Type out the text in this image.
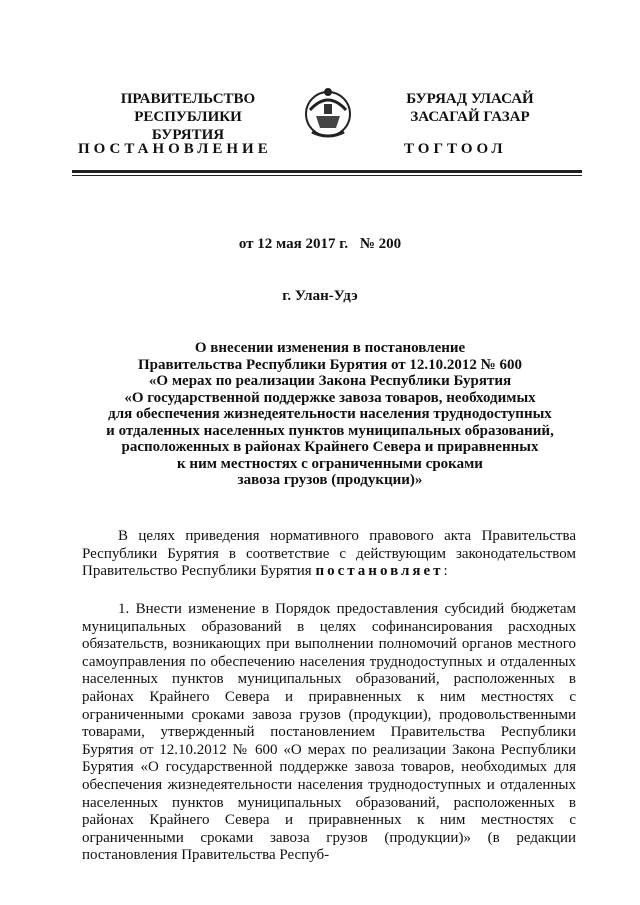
ПРАВИТЕЛЬСТВО
РЕСПУБЛИКИ БУРЯТИЯ
БУРЯАД УЛАСАЙ
ЗАСАГАЙ ГАЗАР
ПОСТАНОВЛЕНИЕ	ТОГТООЛ
от 12 мая 2017 г. № 200
г. Улан-Удэ
О внесении изменения в постановление
Правительства Республики Бурятия от 12.10.2012 № 600
«О мерах по реализации Закона Республики Бурятия
«О государственной поддержке завоза товаров, необходимых
для обеспечения жизнедеятельности населения труднодоступных
и отдаленных населенных пунктов муниципальных образований,
расположенных в районах Крайнего Севера и приравненных
к ним местностях с ограниченными сроками
завоза грузов (продукции)»
В целях приведения нормативного правового акта Правительства Республики Бурятия в соответствие с действующим законодательством Правительство Республики Бурятия постановляет:
1. Внести изменение в Порядок предоставления субсидий бюджетам муниципальных образований в целях софинансирования расходных обязательств, возникающих при выполнении полномочий органов местного самоуправления по обеспечению населения труднодоступных и отдаленных населенных пунктов муниципальных образований, расположенных в районах Крайнего Севера и приравненных к ним местностях с ограниченными сроками завоза грузов (продукции), продовольственными товарами, утвержденный постановлением Правительства Республики Бурятия от 12.10.2012 № 600 «О мерах по реализации Закона Республики Бурятия «О государственной поддержке завоза товаров, необходимых для обеспечения жизнедеятельности населения труднодоступных и отдаленных населенных пунктов муниципальных образований, расположенных в районах Крайнего Севера и приравненных к ним местностях с ограниченными сроками завоза грузов (продукции)» (в редакции постановления Правительства Респуб-
